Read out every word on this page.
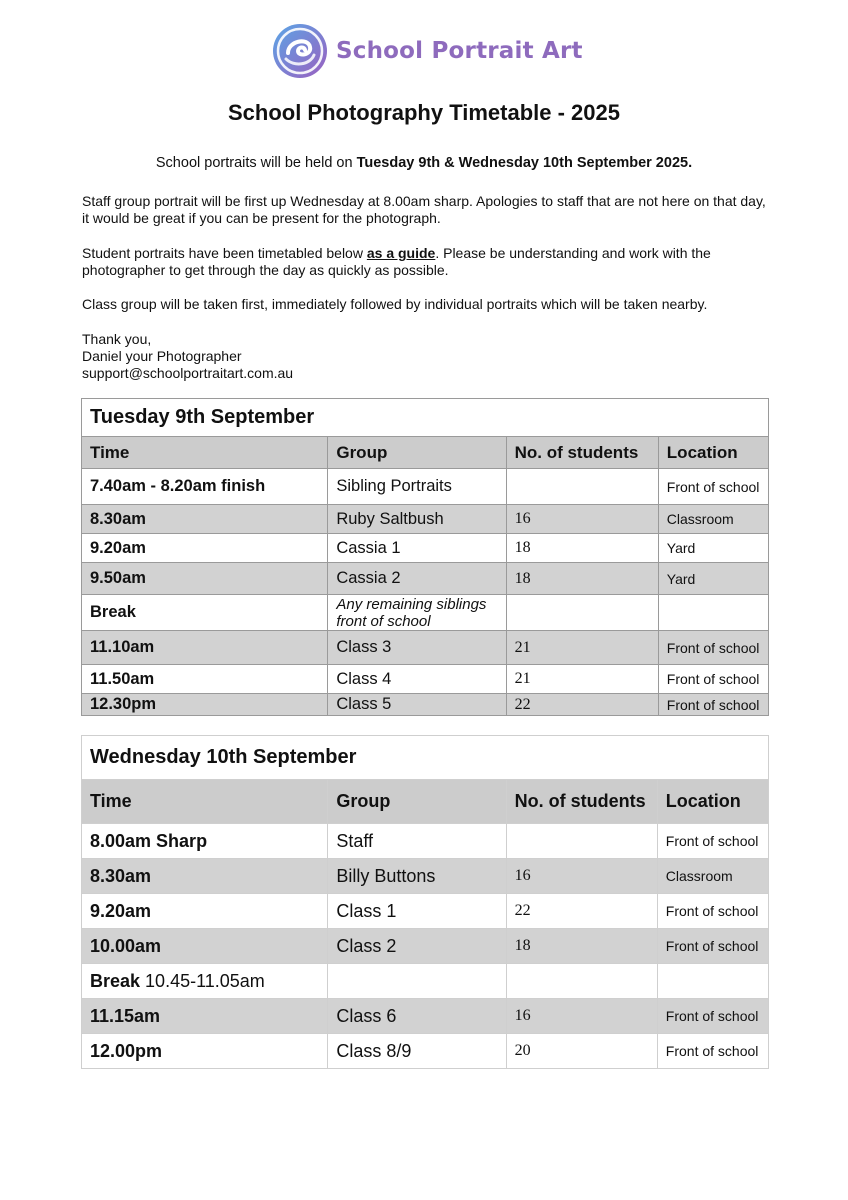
School Portrait Art
School Photography Timetable - 2025
School portraits will be held on Tuesday 9th & Wednesday 10th September 2025.
Staff group portrait will be first up Wednesday at 8.00am sharp. Apologies to staff that are not here on that day, it would be great if you can be present for the photograph.
Student portraits have been timetabled below as a guide. Please be understanding and work with the photographer to get through the day as quickly as possible.
Class group will be taken first, immediately followed by individual portraits which will be taken nearby.
Thank you,
Daniel your Photographer
support@schoolportraitart.com.au
Tuesday 9th September			
Time	Group	No. of students	Location
7.40am - 8.20am finish	Sibling Portraits		Front of school
8.30am	Ruby Saltbush	16	Classroom
9.20am	Cassia 1	18	Yard
9.50am	Cassia 2	18	Yard
Break	Any remaining siblings front of school		
11.10am	Class 3	21	Front of school
11.50am	Class 4	21	Front of school
12.30pm	Class 5	22	Front of school
Wednesday 10th September			
Time	Group	No. of students	Location
8.00am Sharp	Staff		Front of school
8.30am	Billy Buttons	16	Classroom
9.20am	Class 1	22	Front of school
10.00am	Class 2	18	Front of school
Break 10.45-11.05am			
11.15am	Class 6	16	Front of school
12.00pm	Class 8/9	20	Front of school
